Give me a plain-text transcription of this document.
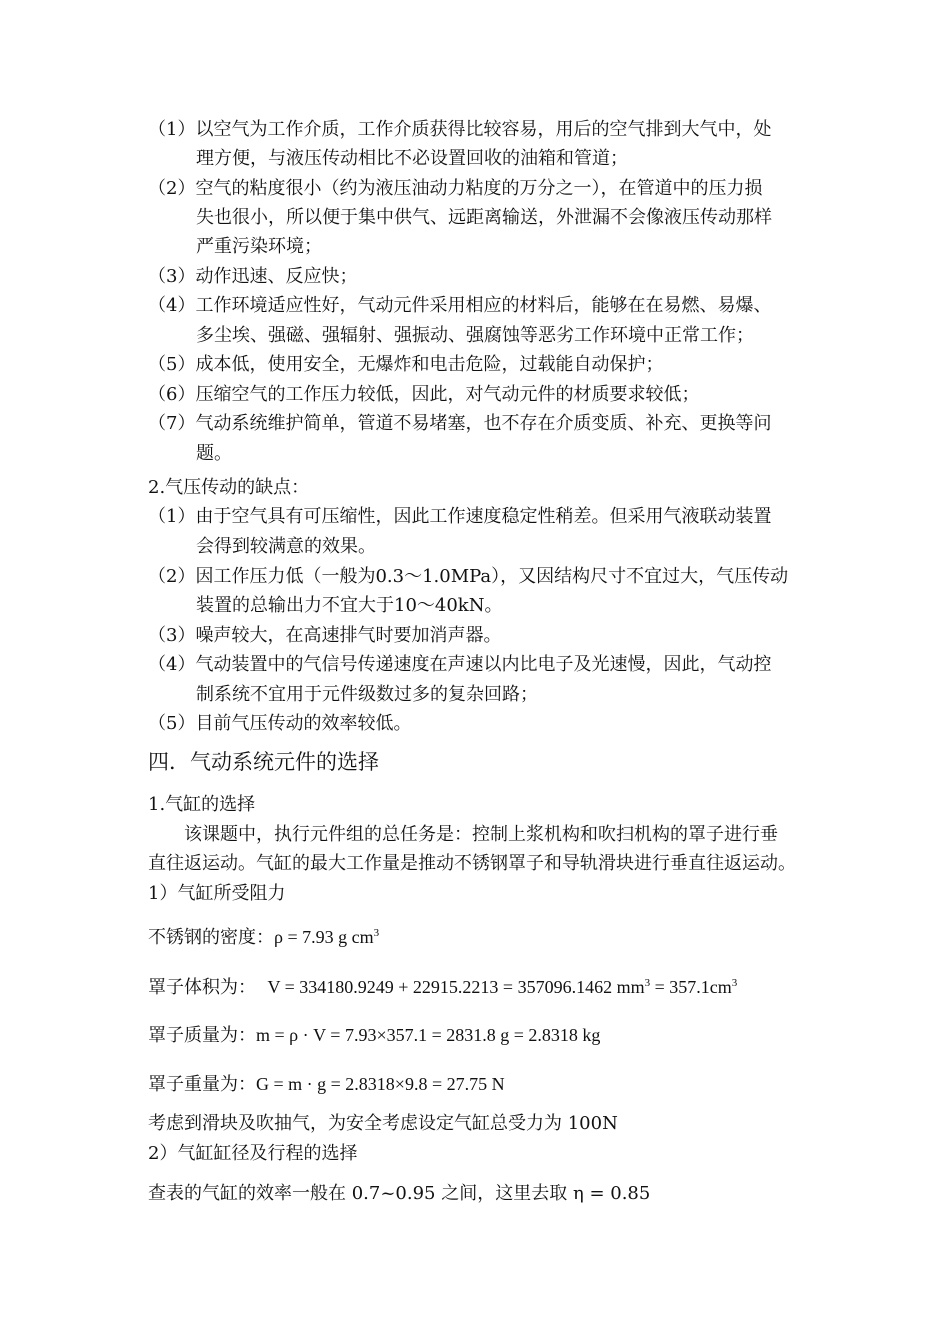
（1）以空气为工作介质，工作介质获得比较容易，用后的空气排到大气中，处
理方便，与液压传动相比不必设置回收的油箱和管道；
（2）空气的粘度很小（约为液压油动力粘度的万分之一），在管道中的压力损
失也很小，所以便于集中供气、远距离输送，外泄漏不会像液压传动那样
严重污染环境；
（3）动作迅速、反应快；
（4）工作环境适应性好，气动元件采用相应的材料后，能够在在易燃、易爆、
多尘埃、强磁、强辐射、强振动、强腐蚀等恶劣工作环境中正常工作；
（5）成本低，使用安全，无爆炸和电击危险，过载能自动保护；
（6）压缩空气的工作压力较低，因此，对气动元件的材质要求较低；
（7）气动系统维护简单，管道不易堵塞，也不存在介质变质、补充、更换等问
题。
2.气压传动的缺点：
（1）由于空气具有可压缩性，因此工作速度稳定性稍差。但采用气液联动装置
会得到较满意的效果。
（2）因工作压力低（一般为0.3～1.0MPa），又因结构尺寸不宜过大，气压传动
装置的总输出力不宜大于10～40kN。
（3）噪声较大，在高速排气时要加消声器。
（4）气动装置中的气信号传递速度在声速以内比电子及光速慢，因此，气动控
制系统不宜用于元件级数过多的复杂回路；
（5）目前气压传动的效率较低。
四．气动系统元件的选择
1.气缸的选择
该课题中，执行元件组的总任务是：控制上浆机构和吹扫机构的罩子进行垂
直往返运动。气缸的最大工作量是推动不锈钢罩子和导轨滑块进行垂直往返运动。
1）气缸所受阻力
不锈钢的密度：ρ = 7.93 g $cm^3$
罩子体积为： V = 334180.9249 + 22915.2213 = 357096.1462 $mm^3 = 357.1cm^3$
罩子质量为：m = ρ · V = 7.93×357.1 = 2831.8 g = 2.8318 kg
罩子重量为：G = m · g = 2.8318×9.8 = 27.75 N
考虑到滑块及吹抽气，为安全考虑设定气缸总受力为 100N
2）气缸缸径及行程的选择
查表的气缸的效率一般在 0.7~0.95 之间，这里去取 η = 0.85
